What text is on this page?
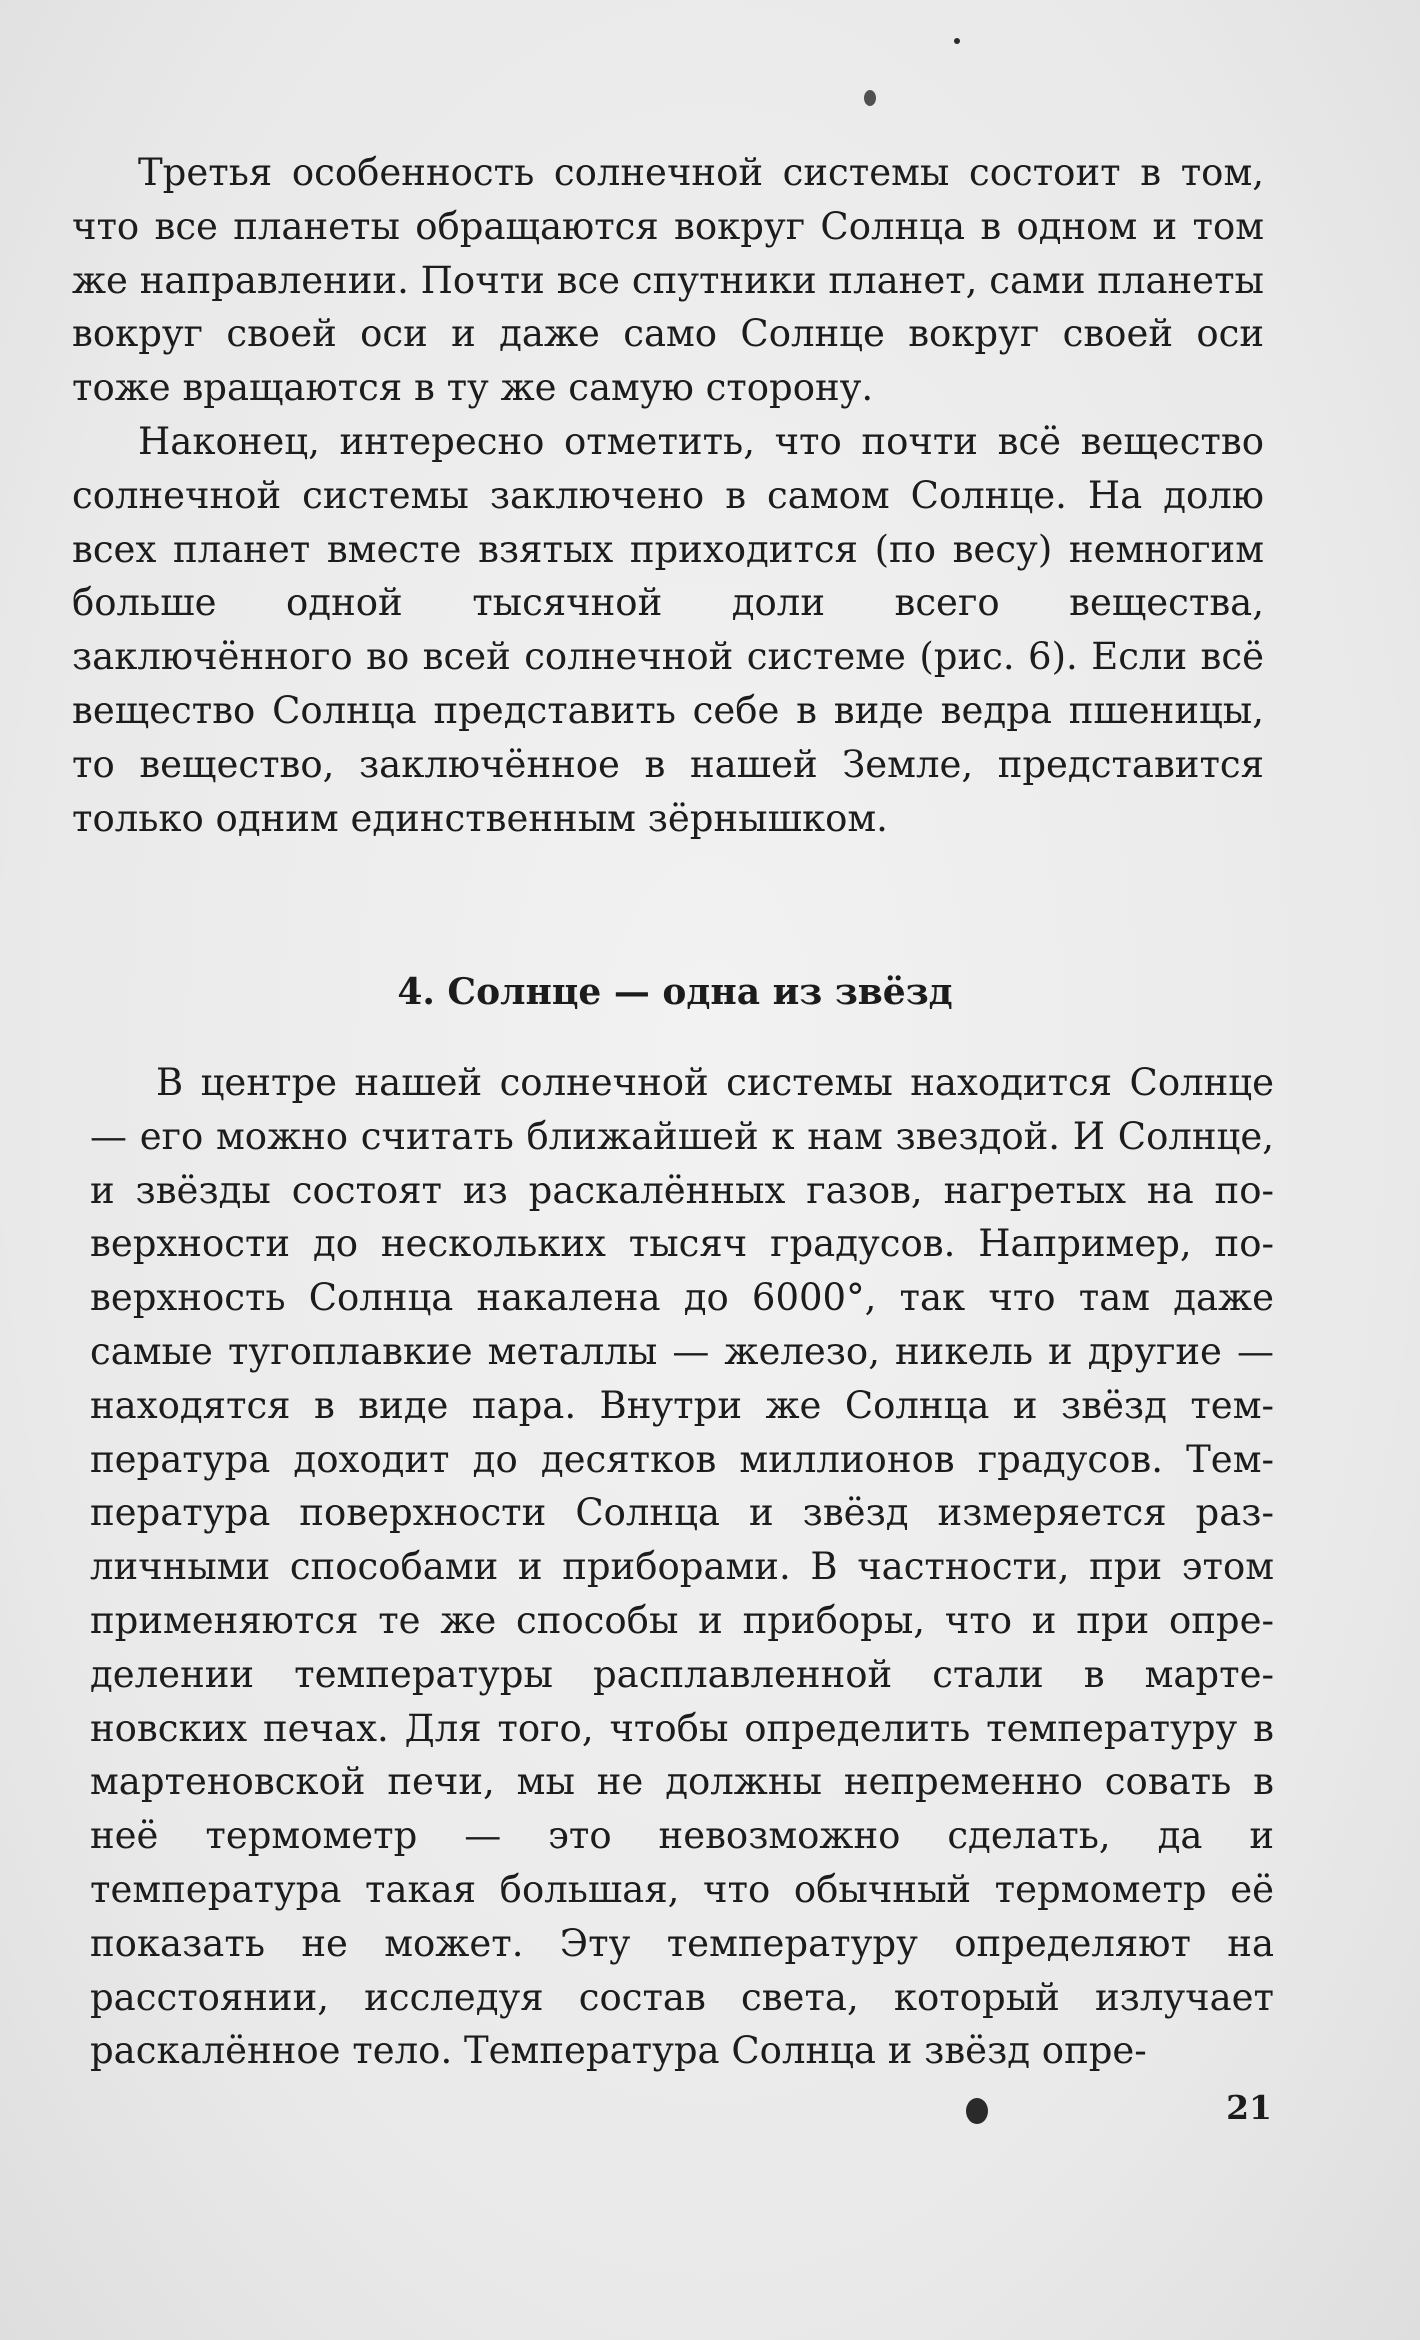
Третья особенность солнечной системы состоит в том, что все планеты обращаются вокруг Солнца в одном и том же направлении. Почти все спутники планет, сами планеты вокруг своей оси и даже само Солнце вокруг своей оси тоже вращаются в ту же самую сторону.

Наконец, интересно отметить, что почти всё вещество солнечной системы заключено в самом Солнце. На долю всех планет вместе взятых приходится (по весу) немногим больше одной тысячной доли всего вещества, заключённого во всей солнечной системе (рис. 6). Если всё вещество Солнца представить себе в виде ведра пшеницы, то вещество, заключённое в нашей Земле, представится только одним единственным зёрнышком.

4. Солнце — одна из звёзд

В центре нашей солнечной системы находится Солнце — его можно считать ближайшей к нам звездой. И Солнце, и звёзды состоят из раскалённых газов, нагретых на поверхности до нескольких тысяч градусов. Например, поверхность Солнца накалена до 6000°, так что там даже самые тугоплавкие металлы — железо, никель и другие — находятся в виде пара. Внутри же Солнца и звёзд температура доходит до десятков миллионов градусов. Температура поверхности Солнца и звёзд измеряется различными способами и приборами. В частности, при этом применяются те же способы и приборы, что и при определении температуры расплавленной стали в мартеновских печах. Для того, чтобы определить температуру в мартеновской печи, мы не должны непременно совать в неё термометр — это невозможно сделать, да и температура такая большая, что обычный термометр её показать не может. Эту температуру определяют на расстоянии, исследуя состав света, который излучает раскалённое тело. Температура Солнца и звёзд опре-

21
